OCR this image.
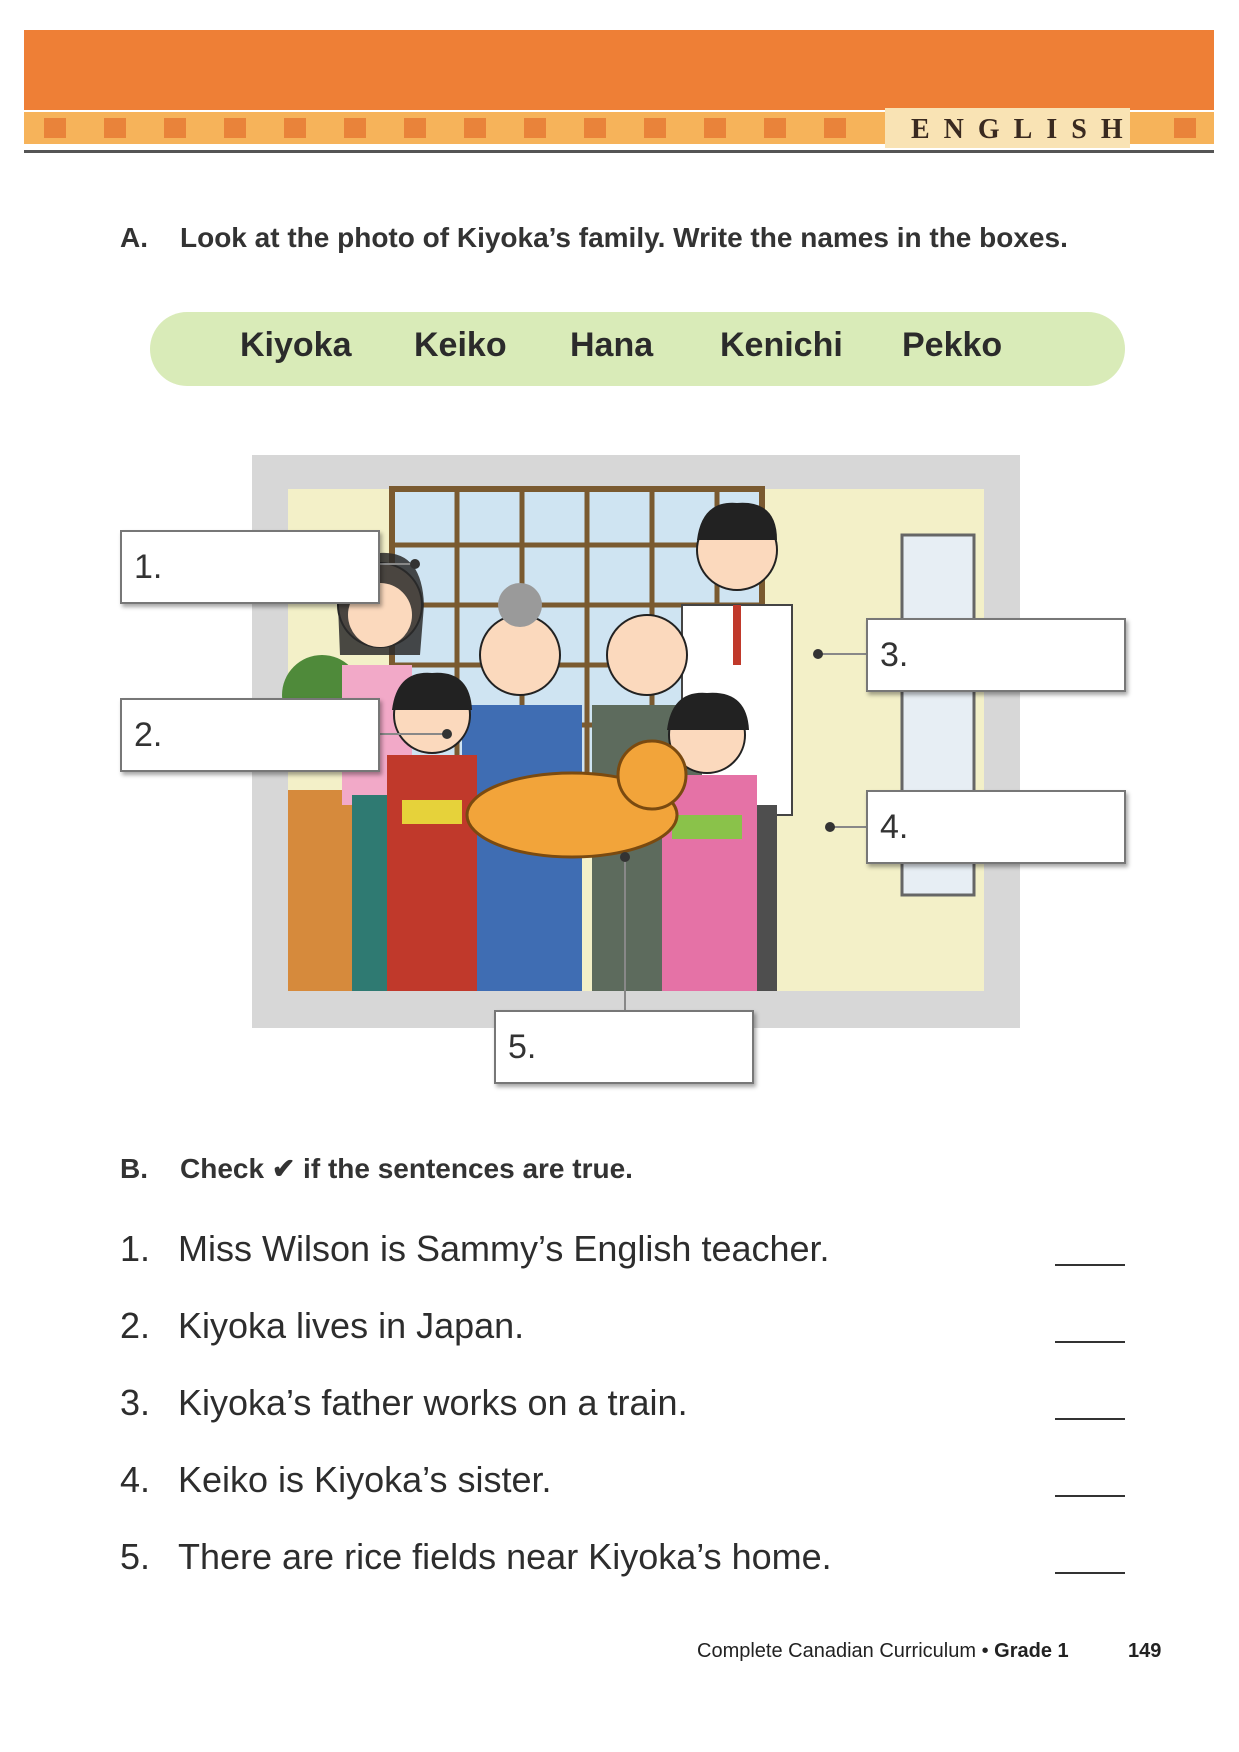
ENGLISH
A. Look at the photo of Kiyoka’s family. Write the names in the boxes.
Kiyoka Keiko Hana Kenichi Pekko
1.
2.
3.
4.
5.
B. Check ✔ if the sentences are true.
1. Miss Wilson is Sammy’s English teacher.
2. Kiyoka lives in Japan.
3. Kiyoka’s father works on a train.
4. Keiko is Kiyoka’s sister.
5. There are rice fields near Kiyoka’s home.
Complete Canadian Curriculum • Grade 1	149
